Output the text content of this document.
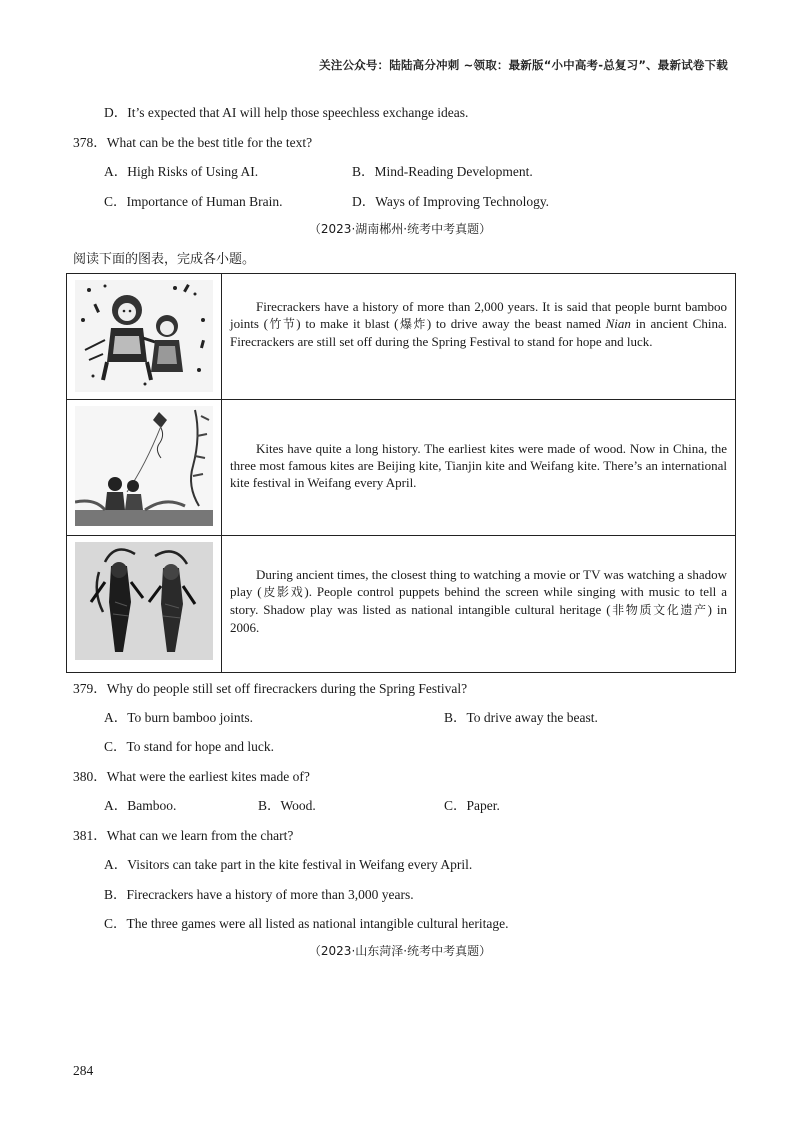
关注公众号：陆陆高分冲刺 ~领取：最新版“小中高考-总复习”、最新试卷下载
D．It’s expected that AI will help those speechless exchange ideas.
378．What can be the best title for the text?
A．High Risks of Using AI.	B．Mind-Reading Development.
C．Importance of Human Brain.	D．Ways of Improving Technology.
（2023·湖南郴州·统考中考真题）
阅读下面的图表，完成各小题。

Firecrackers have a history of more than 2,000 years. It is said that people burnt bamboo joints (竹节) to make it blast (爆炸) to drive away the beast named Nian in ancient China. Firecrackers are still set off during the Spring Festival to stand for hope and luck.

Kites have quite a long history. The earliest kites were made of wood. Now in China, the three most famous kites are Beijing kite, Tianjin kite and Weifang kite. There’s an international kite festival in Weifang every April.

During ancient times, the closest thing to watching a movie or TV was watching a shadow play (皮影戏). People control puppets behind the screen while singing with music to tell a story. Shadow play was listed as national intangible cultural heritage (非物质文化遗产) in 2006.

379．Why do people still set off firecrackers during the Spring Festival?
A．To burn bamboo joints.	B．To drive away the beast.
C．To stand for hope and luck.
380．What were the earliest kites made of?
A．Bamboo.	B．Wood.	C．Paper.
381．What can we learn from the chart?
A．Visitors can take part in the kite festival in Weifang every April.
B．Firecrackers have a history of more than 3,000 years.
C．The three games were all listed as national intangible cultural heritage.
（2023·山东菏泽·统考中考真题）
284
